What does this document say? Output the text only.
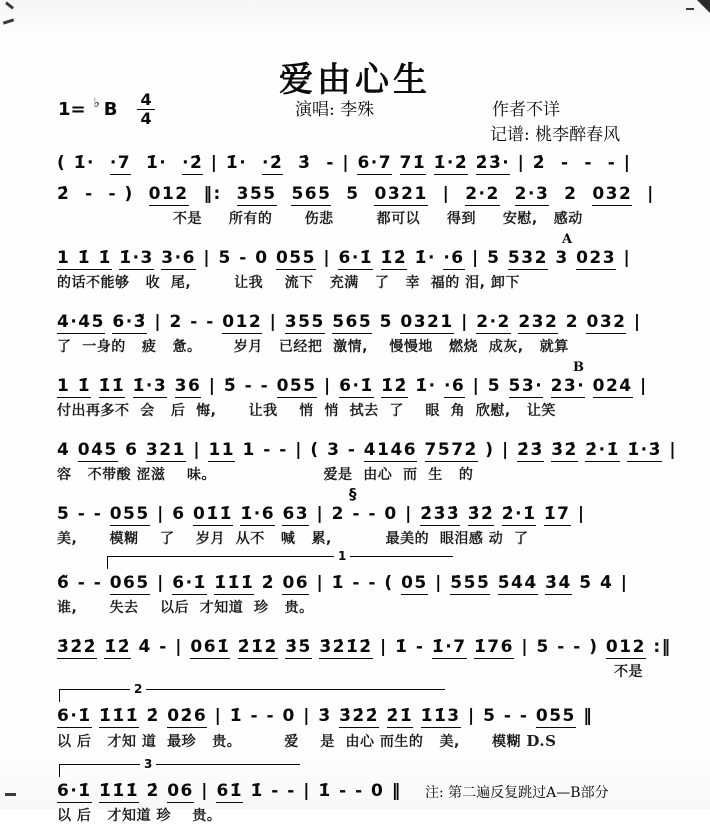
爱由心生
演唱: 李殊	作者不详
记谱: 桃李醉春风
1= ♭ B $\frac{4}{4}$
( 1̇·  ·7  1̇·  ·2̇ | 1̇·  ·2̇  3̇  - | 6·7 71̇ 1̇·2̇ 2̇3̇· | 2̇  -  -  - |
2̇  -  - )  012  ‖:  355 565  5  0321  |  2·2 2·3  2  032  |
不是     所有的      伤悲        都可以     得到     安慰,   感动
A
1 1̇ 1̇ 1̇·3 3·6 | 5 - 0 055 | 6·1̇ 1̇2̇ 1̇· ·6 | 5 532 3 023 |
的话不能够   收  尾,        让我    流下   充满   了   幸  福的 泪, 卸下
4·45 6·3̃ | 2 - - 012 | 355 565 5 0321 | 2·2 232 2 032 |
了  一身的   疲   惫。      岁月   已经把  激情,    慢慢地   燃烧  成灰,   就算
B
1 1̇ 1̇1̇ 1̇·3 36 | 5̃ - - 055 | 6·1̇ 1̇2̇ 1̇· ·6 | 5 53· 23· 024 |
付出再多不  会   后  悔,      让我    悄  悄  拭去  了    眼  角  欣慰,   让笑
4 045 6 321 | 11 1 - - | ( 3 - 4146 7572̇ ) | 2̇3̇ 3̇2̇ 2̇·1̇ 1̇·3̇ |
容   不带酸 涩滋    味。                    爱是  由心  而  生   的
§
5 - - 055 | 6 01̇1̇ 1̇·6 63 | 2 - - 0 | 2̇3̇3̇ 3̇2̇ 2̇·1̇ 1̇7 |
美,      模糊    了    岁月  从不   喊   累,          最美的  眼泪感 动  了
1
6̃ - - 065 | 6·1̇ 1̇1̇1̇ 2̇ 06 | 1̇ - - ( 05 | 5̇5̇5̇ 5̇4̇4̇ 3̇4̇ 5̇ 4̇ |
谁,      失去    以后  才知道  珍   贵。
3̇2̇2̇ 1̇2̇ 4̇ - | 061̇ 2̇1̇2̇ 3̇5̇ 3̇2̇1̇2̇ | 1̇ - 1̇·7 1̇76 | 5 - - ) 012 :‖
不是
2
6·1̇ 1̇1̇1̇ 2̇ 02̇6 | 1̇ - - 0 | 3̇ 3̇2̇2̇ 2̇1̇ 1̇1̇3 | 5 - - 055 ‖
以 后   才知 道  最珍   贵。        爱    是  由心 而生的   美,      模糊 D.S
3
6·1̇ 1̇1̇1̇ 2̇ 06 | 61̇ 1̇ - - | 1̇ - - 0 ‖	注: 第二遍反复跳过A—B部分
以 后   才知道 珍    贵。
